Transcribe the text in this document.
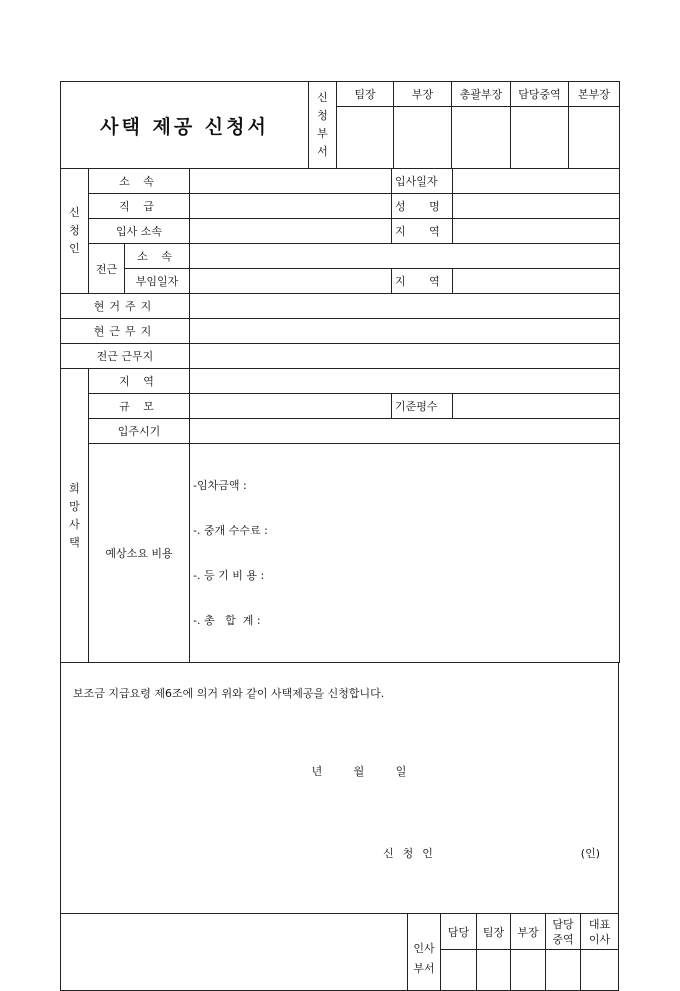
사택 제공 신청서	신청부서	팀장	부장	총괄부장	담당중역	본부장

신청인	소 속			입사일자	
	직 급			성 명	
	입사 소속			지 역	
	전근	소 속			
		부임일자		지 역	
현거주지					
현근무지					
전근 근무지					
희망사택	지 역				
	규 모			기준평수	
	입주시기				
	예상소요 비용		-임차금액 :

-. 중개 수수료 :

-. 등 기 비 용 :

-. 총   합  계 :		

보조금 지급요령 제6조에 의거 위와 같이 사택제공을 신청합니다.
년 월 일
신청인	(인)
인사부서	담당	팀장	부장	담당중역	대표이사
